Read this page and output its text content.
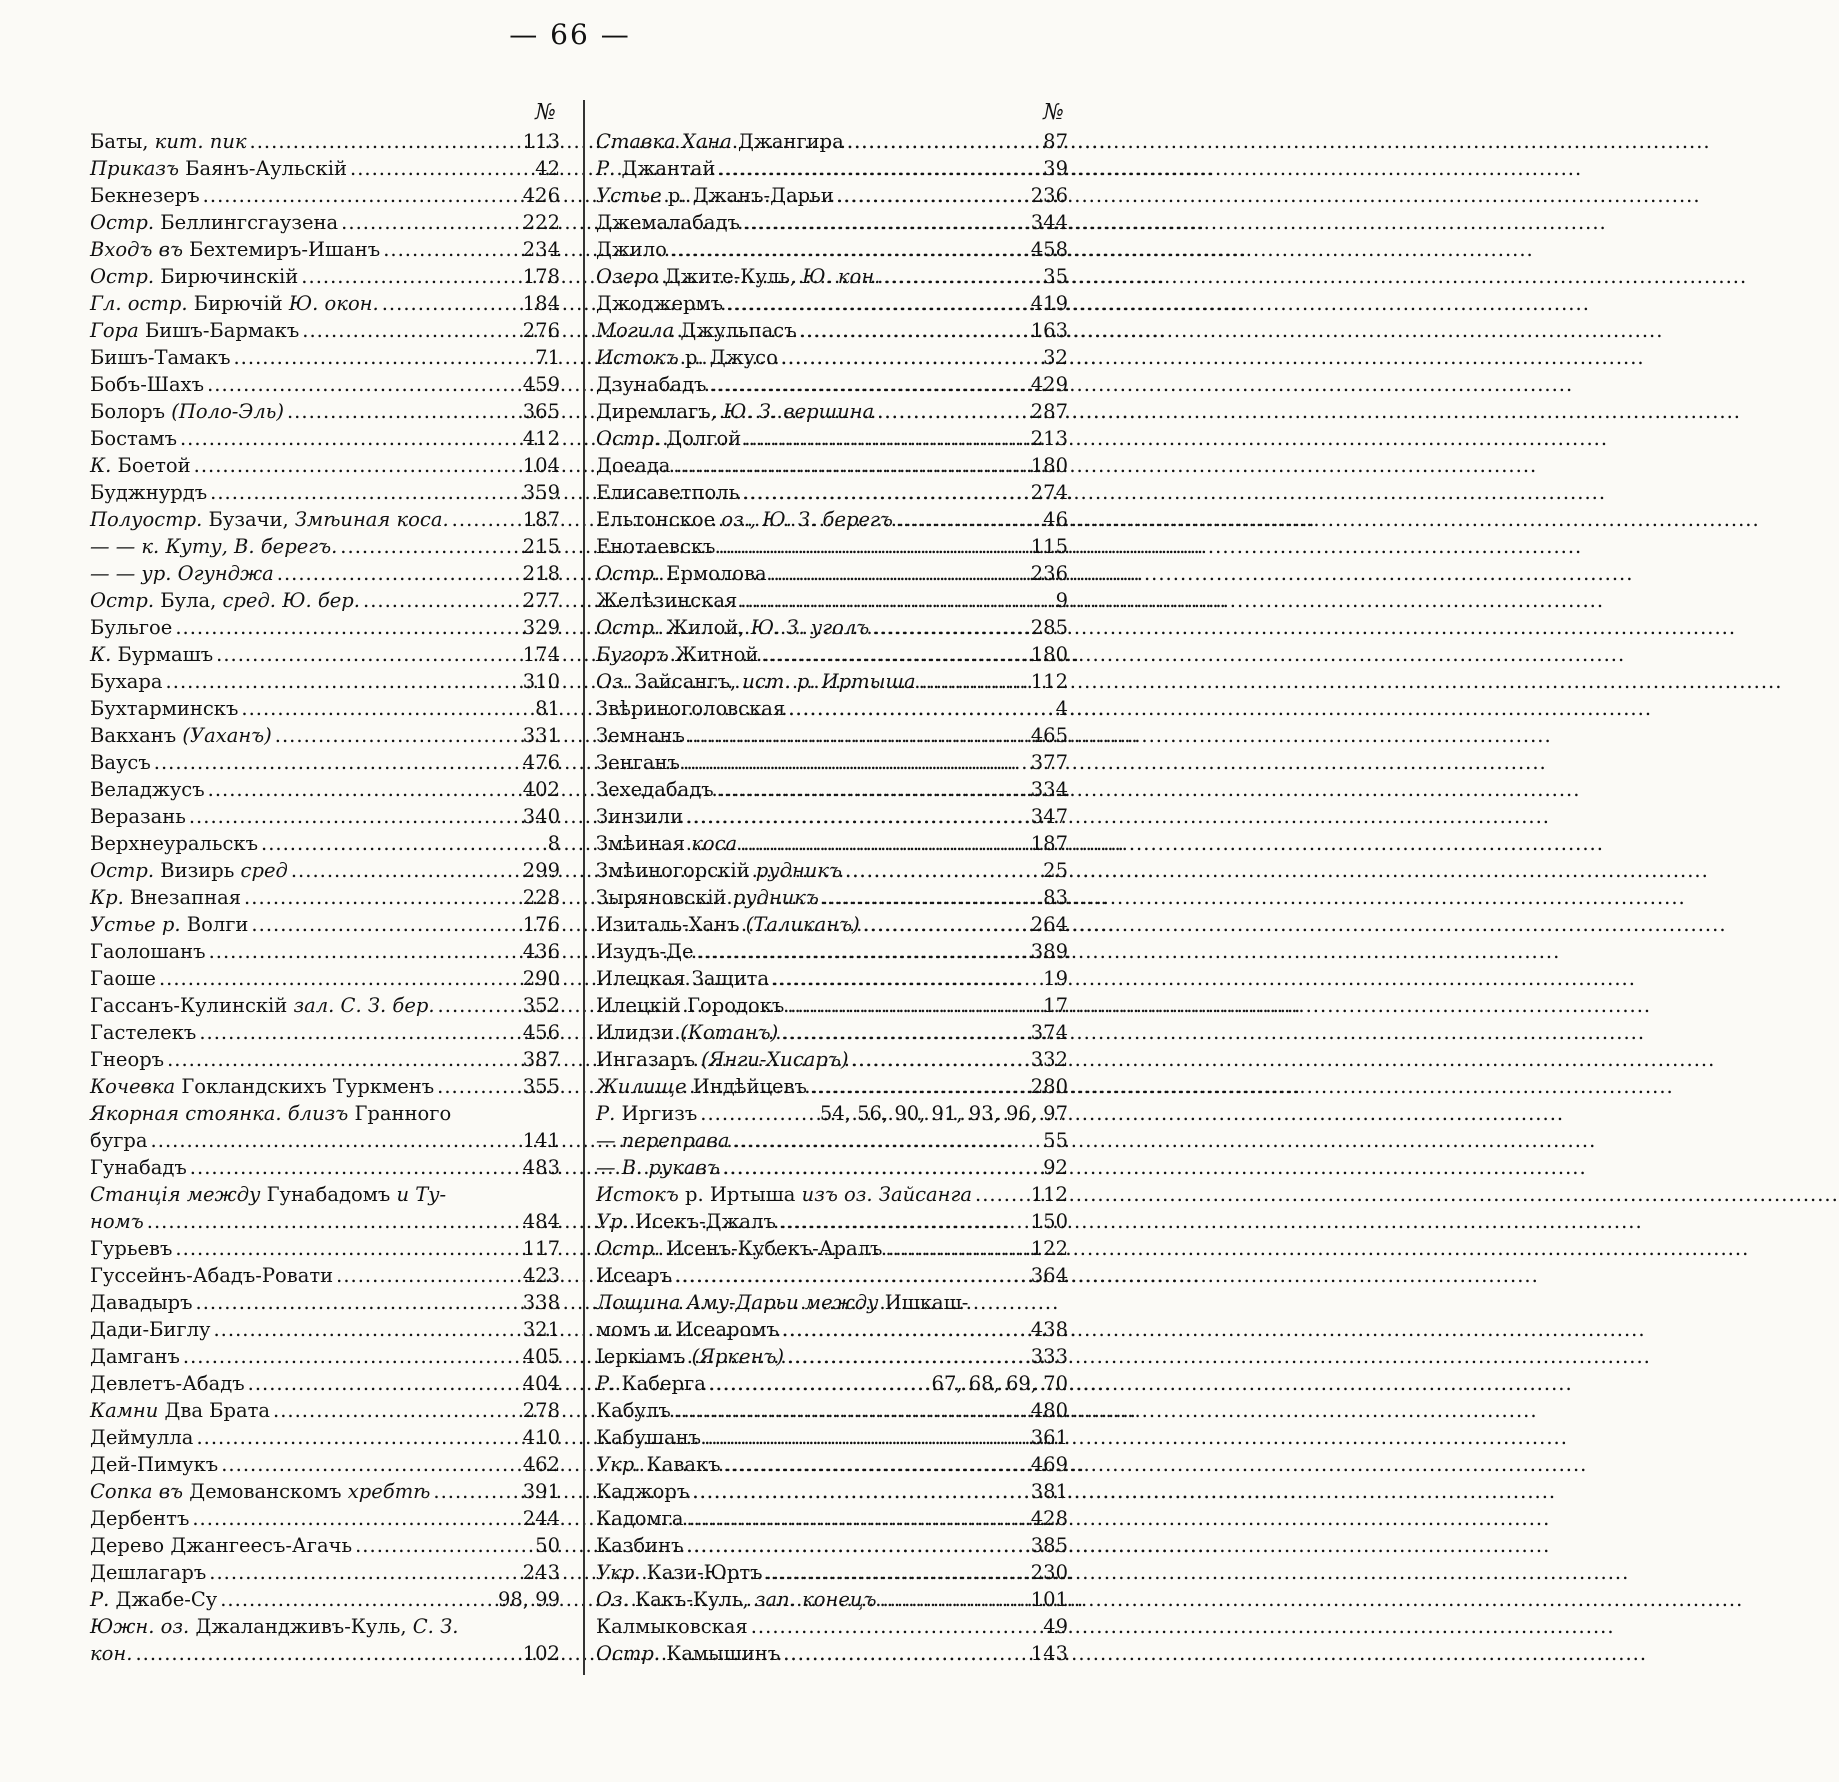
— 66 —
№
Баты, кит. пик .....	113
Приказъ Баянъ-Аульскій .....	42
Бекнезеръ .....	426
Остр. Беллингсгаузена .....	222
Входъ въ Бехтемиръ-Ишанъ .....	234
Остр. Бирючинскій .....	178
Гл. остр. Бирючій Ю. окон. .....	184
Гора Бишъ-Бармакъ .....	276
Бишъ-Тамакъ .....	71
Бобъ-Шахъ .....	459
Болоръ (Поло-Эль) .....	365
Бостамъ .....	412
К. Боетой .....	104
Буджнурдъ .....	359
Полуостр. Бузачи, Змѣиная коса. .....	187
— — к. Куту, В. берегъ. .....	215
— — ур. Огунджа .....	218
Остр. Була, сред. Ю. бер. .....	277
Бульгое .....	329
К. Бурмашъ .....	174
Бухара .....	310
Бухтарминскъ .....	81
Вакханъ (Уаханъ) .....	331
Ваусъ .....	476
Веладжусъ .....	402
Веразань .....	340
Верхнеуральскъ .....	8
Остр. Визирь сред .....	299
Кр. Внезапная .....	228
Устье р. Волги .....	176
Гаолошанъ .....	436
Гаоше .....	290
Гассанъ-Кулинскій зал. С. З. бер. .....	352
Гастелекъ .....	456
Гнеоръ .....	387
Кочевка Гокландскихъ Туркменъ .....	355
Якорная стоянка. близъ Гранного
бугра .....	141
Гунабадъ .....	483
Станція между Гунабадомъ и Ту-
номъ .....	484
Гурьевъ .....	117
Гуссейнъ-Абадъ-Ровати .....	423
Давадыръ .....	338
Дади-Биглу .....	321
Дамганъ .....	405
Девлетъ-Абадъ .....	404
Камни Два Брата .....	278
Деймулла .....	410
Дей-Пимукъ .....	462
Сопка въ Демованскомъ хребтѣ .....	391
Дербентъ .....	244
Дерево Джангеесъ-Агачь .....	50
Дешлагаръ .....	243
Р. Джабе-Су .....	98, 99
Южн. оз. Джаландживъ-Куль, С. З.
кон. .....	102
№
Ставка Хана Джангира .....	87
Р. Джантай .....	39
Устье р. Джанъ-Дарьи .....	236
Джемалабадъ .....	344
Джило .....	458
Озеро Джите-Куль, Ю. кон. .....	35
Джоджермъ .....	419
Могила Джульпасъ .....	163
Истокъ р. Джусо .....	32
Дзунабадъ .....	429
Диремлагъ, Ю. З. вершина .....	287
Остр. Долгой .....	213
Доеада .....	180
Елисаветполь .....	274
Ельтонское оз., Ю. З. берегъ .....	46
Енотаевскъ .....	115
Остр. Ермолова .....	236
Желѣзинская .....	9
Остр. Жилой, Ю. З. уголъ .....	285
Бугоръ Житной .....	180
Оз. Зайсангъ, ист. р. Иртыша .....	112
Звѣриноголовская .....	4
Земнанъ .....	465
Зенганъ .....	377
Зехедабадъ .....	334
Зинзили .....	347
Змѣиная коса .....	187
Змѣиногорскій рудникъ .....	25
Зыряновскій рудникъ .....	83
Изиталь-Ханъ (Таликанъ) .....	264
Изудъ-Де .....	389
Илецкая Защита .....	19
Илецкій Городокъ .....	17
Илидзи (Котанъ) .....	374
Ингазаръ (Янги-Хисаръ) .....	332
Жилище Индѣйцевъ .....	280
Р. Иргизъ .....	54, 56, 90, 91, 93, 96, 97
— переправа .....	55
— В. рукавъ .....	92
Истокъ р. Иртыша изъ оз. Зайсанга .....	112
Ур. Исекъ-Джалъ .....	150
Остр. Исенъ-Кубекъ-Аралъ .....	122
Исеаръ .....	364
Лощина Аму-Дарьи между Ишкаш-
момъ и Исеаромъ .....	438
Іеркіамъ (Яркенъ) .....	333
Р. Каберга .....	67, 68, 69, 70
Кабулъ .....	480
Кабушанъ .....	361
Укр. Кавакъ .....	469
Каджоръ .....	381
Кадомга .....	428
Казбинъ .....	385
Укр. Кази-Юртъ .....	230
Оз. Какъ-Куль, зап. конецъ .....	101
Калмыковская .....	49
Остр. Камышинъ .....	143
